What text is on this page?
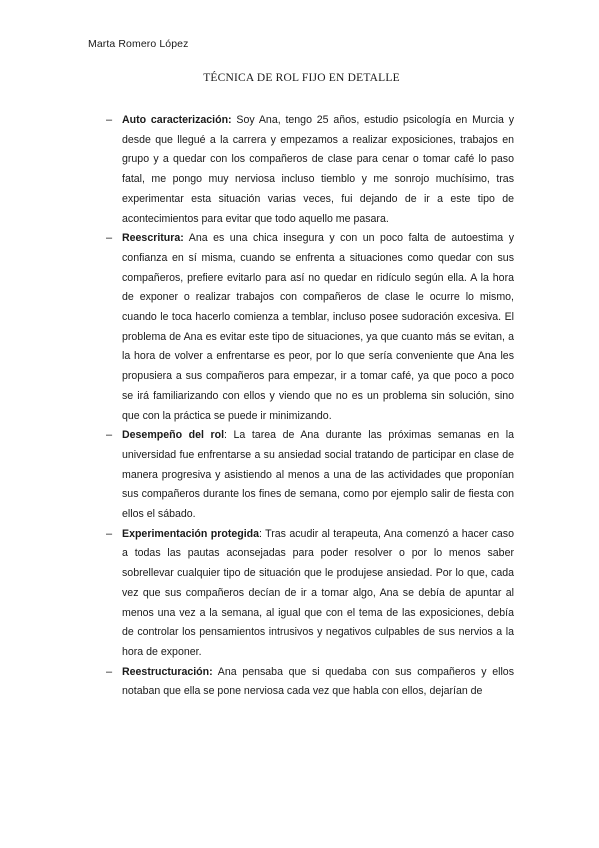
Marta Romero López
TÉCNICA DE ROL FIJO EN DETALLE
– Auto caracterización: Soy Ana, tengo 25 años, estudio psicología en Murcia y desde que llegué a la carrera y empezamos a realizar exposiciones, trabajos en grupo y a quedar con los compañeros de clase para cenar o tomar café lo paso fatal, me pongo muy nerviosa incluso tiemblo y me sonrojo muchísimo, tras experimentar esta situación varias veces, fui dejando de ir a este tipo de acontecimientos para evitar que todo aquello me pasara.
– Reescritura: Ana es una chica insegura y con un poco falta de autoestima y confianza en sí misma, cuando se enfrenta a situaciones como quedar con sus compañeros, prefiere evitarlo para así no quedar en ridículo según ella. A la hora de exponer o realizar trabajos con compañeros de clase le ocurre lo mismo, cuando le toca hacerlo comienza a temblar, incluso posee sudoración excesiva. El problema de Ana es evitar este tipo de situaciones, ya que cuanto más se evitan, a la hora de volver a enfrentarse es peor, por lo que sería conveniente que Ana les propusiera a sus compañeros para empezar, ir a tomar café, ya que poco a poco se irá familiarizando con ellos y viendo que no es un problema sin solución, sino que con la práctica se puede ir minimizando.
– Desempeño del rol: La tarea de Ana durante las próximas semanas en la universidad fue enfrentarse a su ansiedad social tratando de participar en clase de manera progresiva y asistiendo al menos a una de las actividades que proponían sus compañeros durante los fines de semana, como por ejemplo salir de fiesta con ellos el sábado.
– Experimentación protegida: Tras acudir al terapeuta, Ana comenzó a hacer caso a todas las pautas aconsejadas para poder resolver o por lo menos saber sobrellevar cualquier tipo de situación que le produjese ansiedad. Por lo que, cada vez que sus compañeros decían de ir a tomar algo, Ana se debía de apuntar al menos una vez a la semana, al igual que con el tema de las exposiciones, debía de controlar los pensamientos intrusivos y negativos culpables de sus nervios a la hora de exponer.
– Reestructuración: Ana pensaba que si quedaba con sus compañeros y ellos notaban que ella se pone nerviosa cada vez que habla con ellos, dejarían de
